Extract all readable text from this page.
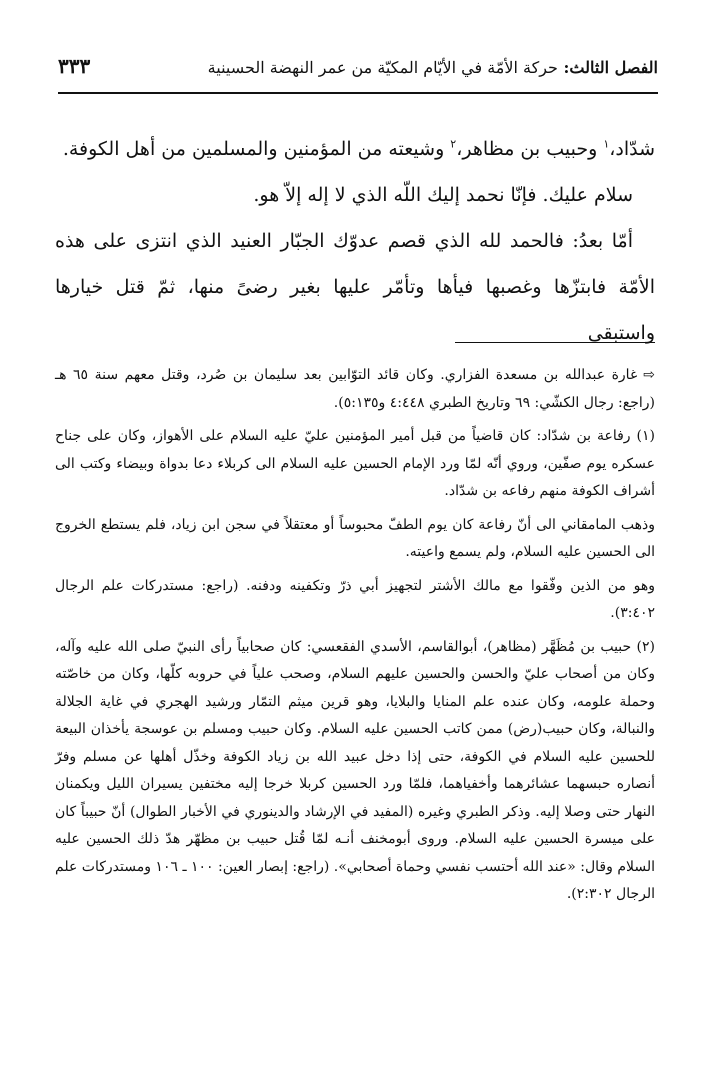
الفصل الثالث: حركة الأمّة في الأيّام المكيّة من عمر النهضة الحسينية
٣٣٣

شدّاد،$^١$ وحبيب بن مظاهر،$^٢$ وشيعته من المؤمنين والمسلمين من أهل الكوفة.

سلام عليك. فإنّا نحمد إليك اللّه الذي لا إله إلاّ هو.

أمّا بعدُ: فالحمد لله الذي قصم عدوّك الجبّار العنيد الذي انتزى على هذه الأمّة فابتزّها وغصبها فيأها وتأمّر عليها بغير رضىً منها، ثمّ قتل خيارها واستبقى

⇨غارة عبدالله بن مسعدة الفزاري. وكان قائد التوّابين بعد سليمان بن صُرد، وقتل معهم سنة ٦٥ هـ (راجع: رجال الكشّي: ٦٩ وتاريخ الطبري ٤:٤٤٨ و٥:١٣٥).

(١) رفاعة بن شدّاد: كان قاضياً من قبل أمير المؤمنين عليّ عليه السلام على الأهواز، وكان على جناح عسكره يوم صفّين، وروي أنّه لمّا ورد الإمام الحسين عليه السلام الى كربلاء دعا بدواة وبيضاء وكتب الى أشراف الكوفة منهم رفاعه بن شدّاد.

وذهب المامقاني الى أنّ رفاعة كان يوم الطفّ محبوساً أو معتقلاً في سجن ابن زياد، فلم يستطع الخروج الى الحسين عليه السلام، ولم يسمع واعيته.

وهو من الذين وفّقوا مع مالك الأشتر لتجهيز أبي ذرّ وتكفينه ودفنه. (راجع: مستدركات علم الرجال ٣:٤٠٢).

(٢) حبيب بن مُظَهَّر (مظاهر)، أبوالقاسم، الأسدي الفقعسي: كان صحابياً رأى النبيّ صلى الله عليه وآله، وكان من أصحاب عليّ والحسن والحسين عليهم السلام، وصحب علياً في حروبه كلّها، وكان من خاصّته وحملة علومه، وكان عنده علم المنايا والبلايا، وهو قرين ميثم التمّار ورشيد الهجري في غاية الجلالة والنبالة، وكان حبيب(رض) ممن كاتب الحسين عليه السلام. وكان حبيب ومسلم بن عوسجة يأخذان البيعة للحسين عليه السلام في الكوفة، حتى إذا دخل عبيد الله بن زياد الكوفة وخذّل أهلها عن مسلم وفرّ أنصاره حبسهما عشائرهما وأخفياهما، فلمّا ورد الحسين كربلا خرجا إليه مختفين يسيران الليل ويكمنان النهار حتى وصلا إليه. وذكر الطبري وغيره (المفيد في الإرشاد والدينوري في الأخبار الطوال) أنّ حبيباً كان على ميسرة الحسين عليه السلام. وروى أبومخنف أنـه لمّا قُتل حبيب بن مظهّر هدّ ذلك الحسين عليه السلام وقال: «عند الله أحتسب نفسي وحماة أصحابي». (راجع: إبصار العين: ١٠٠ ـ ١٠٦ ومستدركات علم الرجال ٢:٣٠٢).
